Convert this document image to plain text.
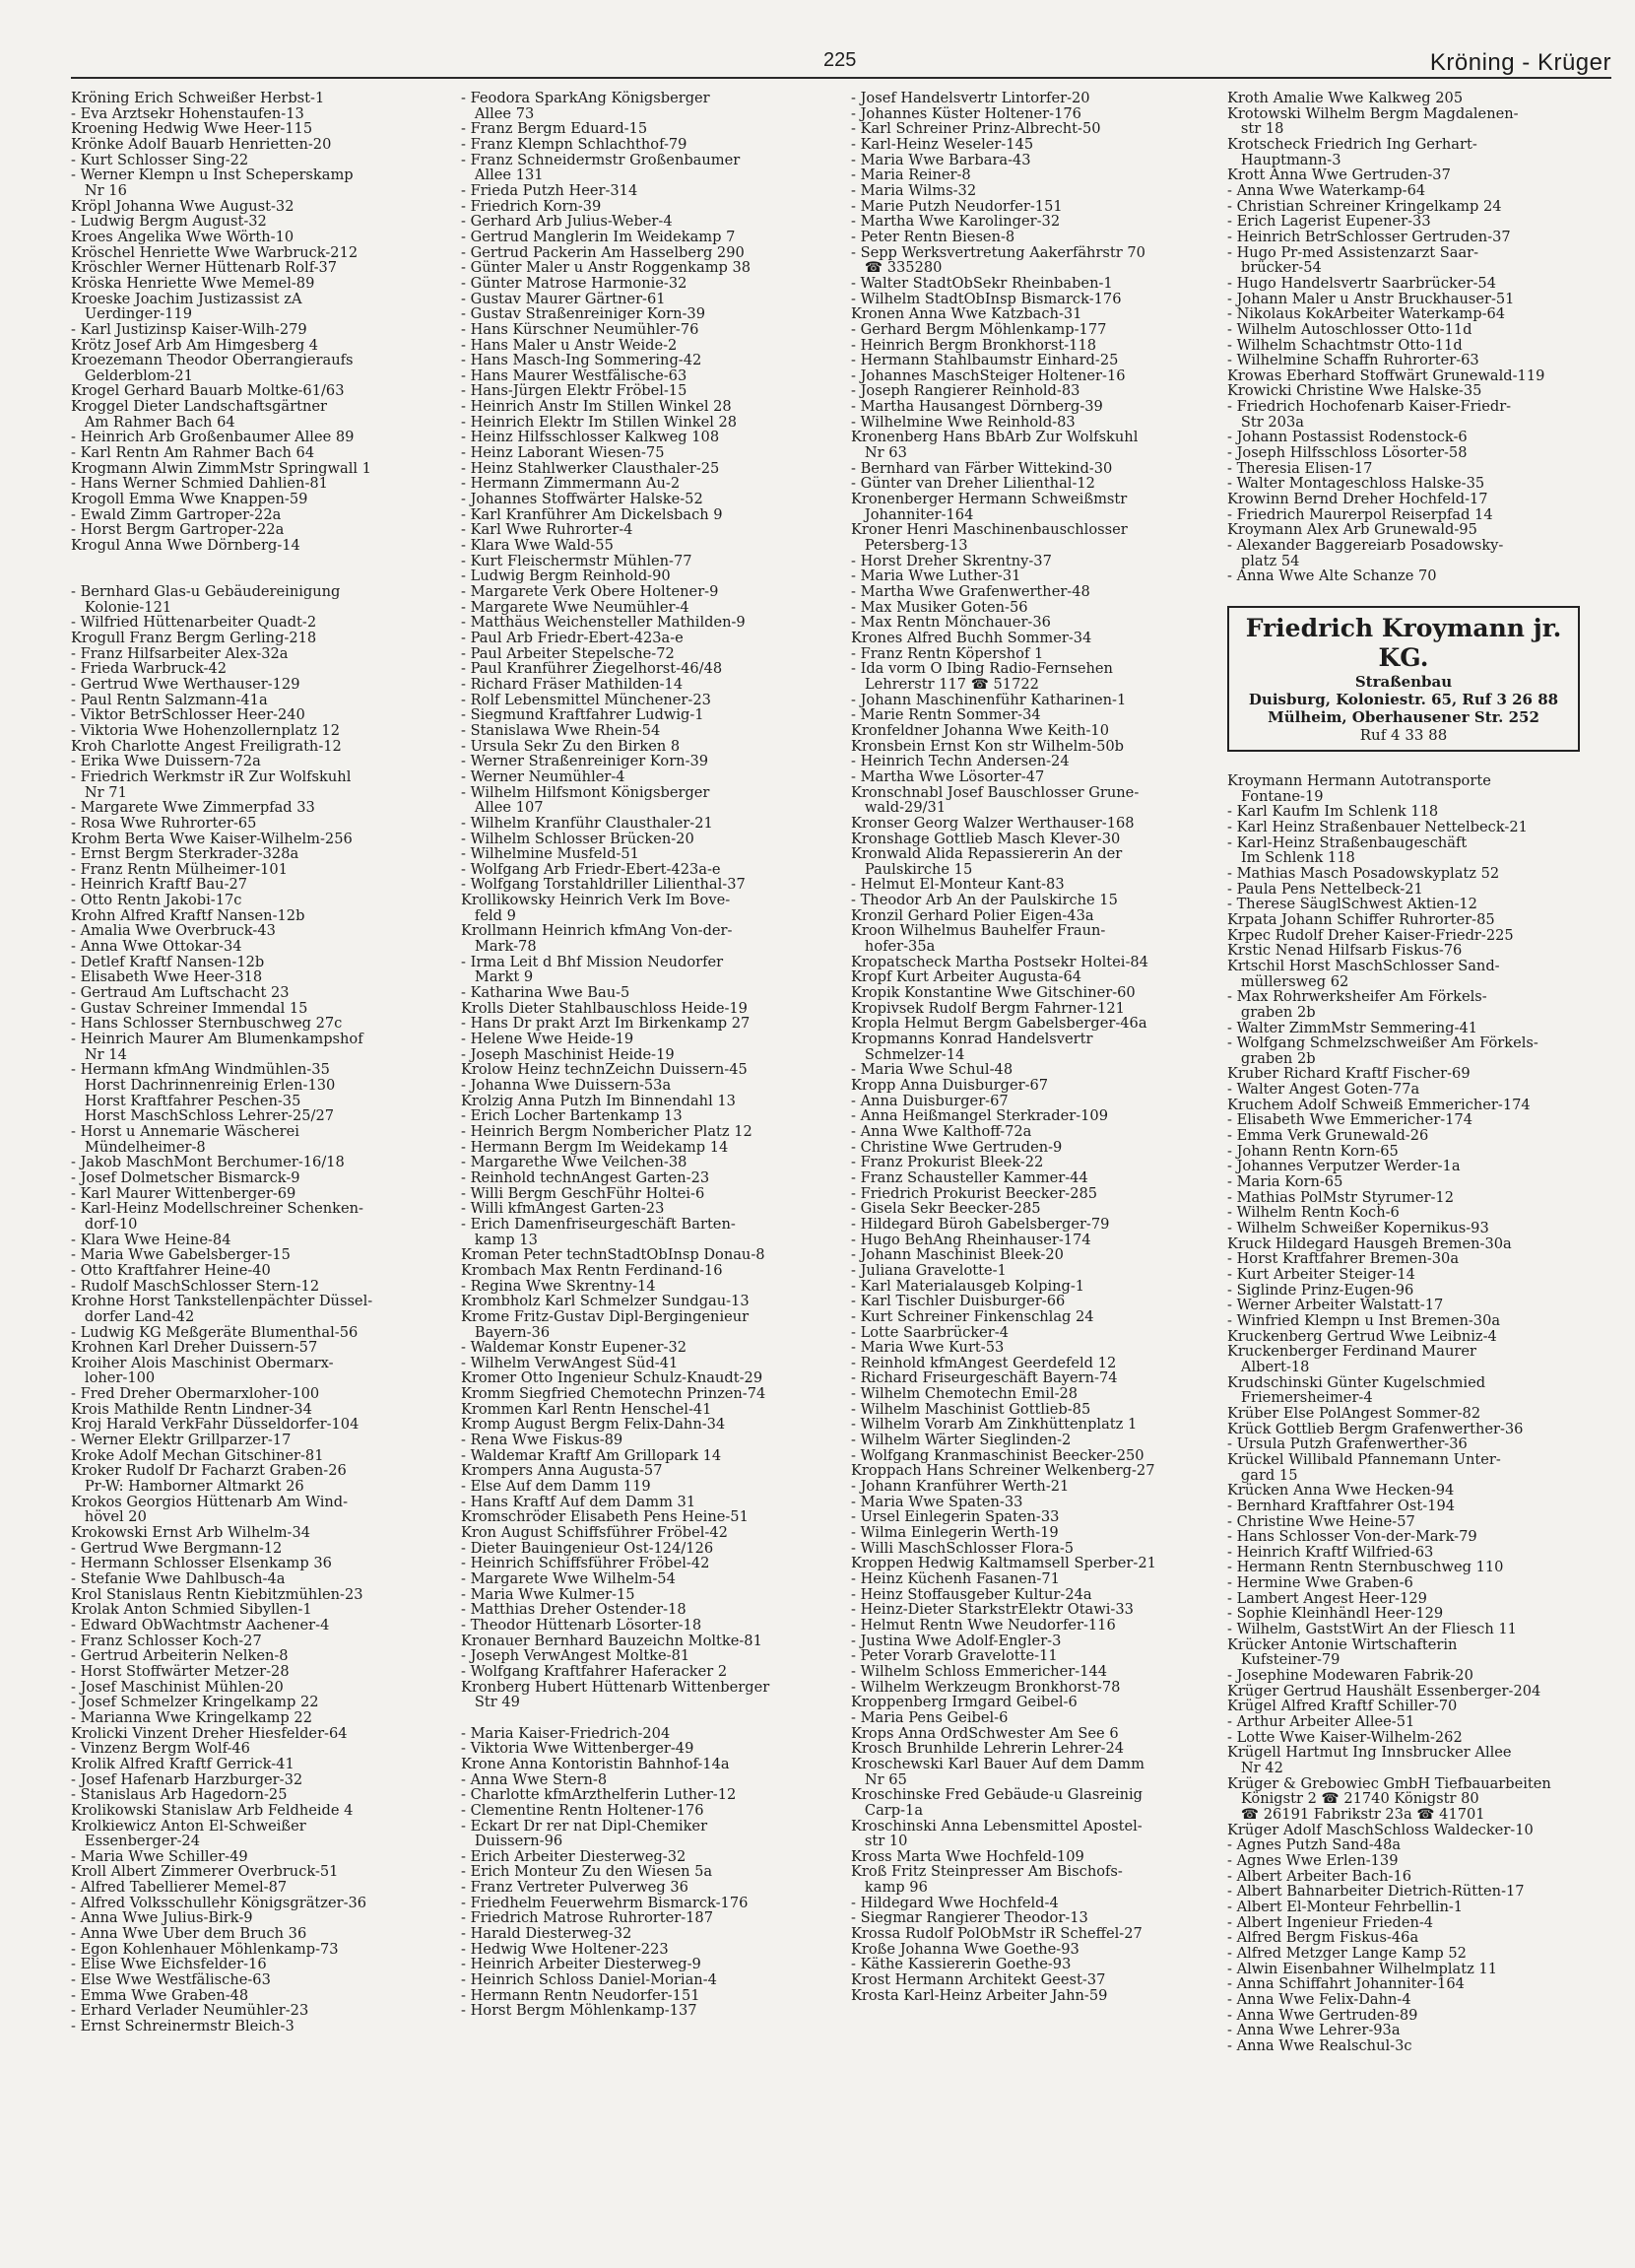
225	Kröning - Krüger
Kröning Erich Schweißer Herbst-1
- Eva Arztsekr Hohenstaufen-13
Kroening Hedwig Wwe Heer-115
Krönke Adolf Bauarb Henrietten-20
- Kurt Schlosser Sing-22
- Werner Klempn u Inst Scheperskamp
Nr 16
Kröpl Johanna Wwe August-32
- Ludwig Bergm August-32
Kroes Angelika Wwe Wörth-10
Kröschel Henriette Wwe Warbruck-212
Kröschler Werner Hüttenarb Rolf-37
Kröska Henriette Wwe Memel-89
Kroeske Joachim Justizassist zA
Uerdinger-119
- Karl Justizinsp Kaiser-Wilh-279
Krötz Josef Arb Am Himgesberg 4
Kroezemann Theodor Oberrangieraufs
Gelderblom-21
Krogel Gerhard Bauarb Moltke-61/63
Kroggel Dieter Landschaftsgärtner
Am Rahmer Bach 64
- Heinrich Arb Großenbaumer Allee 89
- Karl Rentn Am Rahmer Bach 64
Krogmann Alwin ZimmMstr Springwall 1
- Hans Werner Schmied Dahlien-81
Krogoll Emma Wwe Knappen-59
- Ewald Zimm Gartroper-22a
- Horst Bergm Gartroper-22a
Krogul Anna Wwe Dörnberg-14

- Bernhard Glas-u Gebäudereinigung
Kolonie-121
- Wilfried Hüttenarbeiter Quadt-2
Krogull Franz Bergm Gerling-218
- Franz Hilfsarbeiter Alex-32a
- Frieda Warbruck-42
- Gertrud Wwe Werthauser-129
- Paul Rentn Salzmann-41a
- Viktor BetrSchlosser Heer-240
- Viktoria Wwe Hohenzollernplatz 12
Kroh Charlotte Angest Freiligrath-12
- Erika Wwe Duissern-72a
- Friedrich Werkmstr iR Zur Wolfskuhl
Nr 71
- Margarete Wwe Zimmerpfad 33
- Rosa Wwe Ruhrorter-65
Krohm Berta Wwe Kaiser-Wilhelm-256
- Ernst Bergm Sterkrader-328a
- Franz Rentn Mülheimer-101
- Heinrich Kraftf Bau-27
- Otto Rentn Jakobi-17c
Krohn Alfred Kraftf Nansen-12b
- Amalia Wwe Overbruck-43
- Anna Wwe Ottokar-34
- Detlef Kraftf Nansen-12b
- Elisabeth Wwe Heer-318
- Gertraud Am Luftschacht 23
- Gustav Schreiner Immendal 15
- Hans Schlosser Sternbuschweg 27c
- Heinrich Maurer Am Blumenkampshof
Nr 14
- Hermann kfmAng Windmühlen-35
Horst Dachrinnenreinig Erlen-130
Horst Kraftfahrer Peschen-35
Horst MaschSchloss Lehrer-25/27
- Horst u Annemarie Wäscherei
Mündelheimer-8
- Jakob MaschMont Berchumer-16/18
- Josef Dolmetscher Bismarck-9
- Karl Maurer Wittenberger-69
- Karl-Heinz Modellschreiner Schenken-
dorf-10
- Klara Wwe Heine-84
- Maria Wwe Gabelsberger-15
- Otto Kraftfahrer Heine-40
- Rudolf MaschSchlosser Stern-12
Krohne Horst Tankstellenpächter Düssel-
dorfer Land-42
- Ludwig KG Meßgeräte Blumenthal-56
Krohnen Karl Dreher Duissern-57
Kroiher Alois Maschinist Obermarx-
loher-100
- Fred Dreher Obermarxloher-100
Krois Mathilde Rentn Lindner-34
Kroj Harald VerkFahr Düsseldorfer-104
- Werner Elektr Grillparzer-17
Kroke Adolf Mechan Gitschiner-81
Kroker Rudolf Dr Facharzt Graben-26
Pr-W: Hamborner Altmarkt 26
Krokos Georgios Hüttenarb Am Wind-
hövel 20
Krokowski Ernst Arb Wilhelm-34
- Gertrud Wwe Bergmann-12
- Hermann Schlosser Elsenkamp 36
- Stefanie Wwe Dahlbusch-4a
Krol Stanislaus Rentn Kiebitzmühlen-23
Krolak Anton Schmied Sibyllen-1
- Edward ObWachtmstr Aachener-4
- Franz Schlosser Koch-27
- Gertrud Arbeiterin Nelken-8
- Horst Stoffwärter Metzer-28
- Josef Maschinist Mühlen-20
- Josef Schmelzer Kringelkamp 22
- Marianna Wwe Kringelkamp 22
Krolicki Vinzent Dreher Hiesfelder-64
- Vinzenz Bergm Wolf-46
Krolik Alfred Kraftf Gerrick-41
- Josef Hafenarb Harzburger-32
- Stanislaus Arb Hagedorn-25
Krolikowski Stanislaw Arb Feldheide 4
Krolkiewicz Anton El-Schweißer
Essenberger-24
- Maria Wwe Schiller-49
Kroll Albert Zimmerer Overbruck-51
- Alfred Tabellierer Memel-87
- Alfred Volksschullehr Königsgrätzer-36
- Anna Wwe Julius-Birk-9
- Anna Wwe Über dem Bruch 36
- Egon Kohlenhauer Möhlenkamp-73
- Elise Wwe Eichsfelder-16
- Else Wwe Westfälische-63
- Emma Wwe Graben-48
- Erhard Verlader Neumühler-23
- Ernst Schreinermstr Bleich-3
- Feodora SparkAng Königsberger
Allee 73
- Franz Bergm Eduard-15
- Franz Klempn Schlachthof-79
- Franz Schneidermstr Großenbaumer
Allee 131
- Frieda Putzh Heer-314
- Friedrich Korn-39
- Gerhard Arb Julius-Weber-4
- Gertrud Manglerin Im Weidekamp 7
- Gertrud Packerin Am Hasselberg 290
- Günter Maler u Anstr Roggenkamp 38
- Günter Matrose Harmonie-32
- Gustav Maurer Gärtner-61
- Gustav Straßenreiniger Korn-39
- Hans Kürschner Neumühler-76
- Hans Maler u Anstr Weide-2
- Hans Masch-Ing Sommering-42
- Hans Maurer Westfälische-63
- Hans-Jürgen Elektr Fröbel-15
- Heinrich Anstr Im Stillen Winkel 28
- Heinrich Elektr Im Stillen Winkel 28
- Heinz Hilfsschlosser Kalkweg 108
- Heinz Laborant Wiesen-75
- Heinz Stahlwerker Clausthaler-25
- Hermann Zimmermann Au-2
- Johannes Stoffwärter Halske-52
- Karl Kranführer Am Dickelsbach 9
- Karl Wwe Ruhrorter-4
- Klara Wwe Wald-55
- Kurt Fleischermstr Mühlen-77
- Ludwig Bergm Reinhold-90
- Margarete Verk Obere Holtener-9
- Margarete Wwe Neumühler-4
- Matthäus Weichensteller Mathilden-9
- Paul Arb Friedr-Ebert-423a-e
- Paul Arbeiter Stepelsche-72
- Paul Kranführer Ziegelhorst-46/48
- Richard Fräser Mathilden-14
- Rolf Lebensmittel Münchener-23
- Siegmund Kraftfahrer Ludwig-1
- Stanislawa Wwe Rhein-54
- Ursula Sekr Zu den Birken 8
- Werner Straßenreiniger Korn-39
- Werner Neumühler-4
- Wilhelm Hilfsmont Königsberger
Allee 107
- Wilhelm Kranführ Clausthaler-21
- Wilhelm Schlosser Brücken-20
- Wilhelmine Musfeld-51
- Wolfgang Arb Friedr-Ebert-423a-e
- Wolfgang Torstahldriller Lilienthal-37
Krollikowsky Heinrich Verk Im Bove-
feld 9
Krollmann Heinrich kfmAng Von-der-
Mark-78
- Irma Leit d Bhf Mission Neudorfer
Markt 9
- Katharina Wwe Bau-5
Krolls Dieter Stahlbauschloss Heide-19
- Hans Dr prakt Arzt Im Birkenkamp 27
- Helene Wwe Heide-19
- Joseph Maschinist Heide-19
Krolow Heinz technZeichn Duissern-45
- Johanna Wwe Duissern-53a
Krolzig Anna Putzh Im Binnendahl 13
- Erich Locher Bartenkamp 13
- Heinrich Bergm Nombericher Platz 12
- Hermann Bergm Im Weidekamp 14
- Margarethe Wwe Veilchen-38
- Reinhold technAngest Garten-23
- Willi Bergm GeschFühr Holtei-6
- Willi kfmAngest Garten-23
- Erich Damenfriseurgeschäft Barten-
kamp 13
Kroman Peter technStadtObInsp Donau-8
Krombach Max Rentn Ferdinand-16
- Regina Wwe Skrentny-14
Krombholz Karl Schmelzer Sundgau-13
Krome Fritz-Gustav Dipl-Bergingenieur
Bayern-36
- Waldemar Konstr Eupener-32
- Wilhelm VerwAngest Süd-41
Kromer Otto Ingenieur Schulz-Knaudt-29
Kromm Siegfried Chemotechn Prinzen-74
Krommen Karl Rentn Henschel-41
Kromp August Bergm Felix-Dahn-34
- Rena Wwe Fiskus-89
- Waldemar Kraftf Am Grillopark 14
Krompers Anna Augusta-57
- Else Auf dem Damm 119
- Hans Kraftf Auf dem Damm 31
Kromschröder Elisabeth Pens Heine-51
Kron August Schiffsführer Fröbel-42
- Dieter Bauingenieur Ost-124/126
- Heinrich Schiffsführer Fröbel-42
- Margarete Wwe Wilhelm-54
- Maria Wwe Kulmer-15
- Matthias Dreher Ostender-18
- Theodor Hüttenarb Lösorter-18
Kronauer Bernhard Bauzeichn Moltke-81
- Joseph VerwAngest Moltke-81
- Wolfgang Kraftfahrer Haferacker 2
Kronberg Hubert Hüttenarb Wittenberger
Str 49

- Maria Kaiser-Friedrich-204
- Viktoria Wwe Wittenberger-49
Krone Anna Kontoristin Bahnhof-14a
- Anna Wwe Stern-8
- Charlotte kfmArzthelferin Luther-12
- Clementine Rentn Holtener-176
- Eckart Dr rer nat Dipl-Chemiker
Duissern-96
- Erich Arbeiter Diesterweg-32
- Erich Monteur Zu den Wiesen 5a
- Franz Vertreter Pulverweg 36
- Friedhelm Feuerwehrm Bismarck-176
- Friedrich Matrose Ruhrorter-187
- Harald Diesterweg-32
- Hedwig Wwe Holtener-223
- Heinrich Arbeiter Diesterweg-9
- Heinrich Schloss Daniel-Morian-4
- Hermann Rentn Neudorfer-151
- Horst Bergm Möhlenkamp-137
- Josef Handelsvertr Lintorfer-20
- Johannes Küster Holtener-176
- Karl Schreiner Prinz-Albrecht-50
- Karl-Heinz Weseler-145
- Maria Wwe Barbara-43
- Maria Reiner-8
- Maria Wilms-32
- Marie Putzh Neudorfer-151
- Martha Wwe Karolinger-32
- Peter Rentn Biesen-8
- Sepp Werksvertretung Aakerfährstr 70
☎ 335280
- Walter StadtObSekr Rheinbaben-1
- Wilhelm StadtObInsp Bismarck-176
Kronen Anna Wwe Katzbach-31
- Gerhard Bergm Möhlenkamp-177
- Heinrich Bergm Bronkhorst-118
- Hermann Stahlbaumstr Einhard-25
- Johannes MaschSteiger Holtener-16
- Joseph Rangierer Reinhold-83
- Martha Hausangest Dörnberg-39
- Wilhelmine Wwe Reinhold-83
Kronenberg Hans BbArb Zur Wolfskuhl
Nr 63
- Bernhard van Färber Wittekind-30
- Günter van Dreher Lilienthal-12
Kronenberger Hermann Schweißmstr
Johanniter-164
Kroner Henri Maschinenbauschlosser
Petersberg-13
- Horst Dreher Skrentny-37
- Maria Wwe Luther-31
- Martha Wwe Grafenwerther-48
- Max Musiker Goten-56
- Max Rentn Mönchauer-36
Krones Alfred Buchh Sommer-34
- Franz Rentn Köpershof 1
- Ida vorm O Ibing Radio-Fernsehen
Lehrerstr 117 ☎ 51722
- Johann Maschinenführ Katharinen-1
- Marie Rentn Sommer-34
Kronfeldner Johanna Wwe Keith-10
Kronsbein Ernst Kon str Wilhelm-50b
- Heinrich Techn Andersen-24
- Martha Wwe Lösorter-47
Kronschnabl Josef Bauschlosser Grune-
wald-29/31
Kronser Georg Walzer Werthauser-168
Kronshage Gottlieb Masch Klever-30
Kronwald Alida Repassiererin An der
Paulskirche 15
- Helmut El-Monteur Kant-83
- Theodor Arb An der Paulskirche 15
Kronzil Gerhard Polier Eigen-43a
Kroon Wilhelmus Bauhelfer Fraun-
hofer-35a
Kropatscheck Martha Postsekr Holtei-84
Kropf Kurt Arbeiter Augusta-64
Kropik Konstantine Wwe Gitschiner-60
Kropivsek Rudolf Bergm Fahrner-121
Kropla Helmut Bergm Gabelsberger-46a
Kropmanns Konrad Handelsvertr
Schmelzer-14
- Maria Wwe Schul-48
Kropp Anna Duisburger-67
- Anna Duisburger-67
- Anna Heißmangel Sterkrader-109
- Anna Wwe Kalthoff-72a
- Christine Wwe Gertruden-9
- Franz Prokurist Bleek-22
- Franz Schausteller Kammer-44
- Friedrich Prokurist Beecker-285
- Gisela Sekr Beecker-285
- Hildegard Büroh Gabelsberger-79
- Hugo BehAng Rheinhauser-174
- Johann Maschinist Bleek-20
- Juliana Gravelotte-1
- Karl Materialausgeb Kolping-1
- Karl Tischler Duisburger-66
- Kurt Schreiner Finkenschlag 24
- Lotte Saarbrücker-4
- Maria Wwe Kurt-53
- Reinhold kfmAngest Geerdefeld 12
- Richard Friseurgeschäft Bayern-74
- Wilhelm Chemotechn Emil-28
- Wilhelm Maschinist Gottlieb-85
- Wilhelm Vorarb Am Zinkhüttenplatz 1
- Wilhelm Wärter Sieglinden-2
- Wolfgang Kranmaschinist Beecker-250
Kroppach Hans Schreiner Welkenberg-27
- Johann Kranführer Werth-21
- Maria Wwe Spaten-33
- Ursel Einlegerin Spaten-33
- Wilma Einlegerin Werth-19
- Willi MaschSchlosser Flora-5
Kroppen Hedwig Kaltmamsell Sperber-21
- Heinz Küchenh Fasanen-71
- Heinz Stoffausgeber Kultur-24a
- Heinz-Dieter StarkstrElektr Otawi-33
- Helmut Rentn Wwe Neudorfer-116
- Justina Wwe Adolf-Engler-3
- Peter Vorarb Gravelotte-11
- Wilhelm Schloss Emmericher-144
- Wilhelm Werkzeugm Bronkhorst-78
Kroppenberg Irmgard Geibel-6
- Maria Pens Geibel-6
Krops Anna OrdSchwester Am See 6
Krosch Brunhilde Lehrerin Lehrer-24
Kroschewski Karl Bauer Auf dem Damm
Nr 65
Kroschinske Fred Gebäude-u Glasreinig
Carp-1a
Kroschinski Anna Lebensmittel Apostel-
str 10
Kross Marta Wwe Hochfeld-109
Kroß Fritz Steinpresser Am Bischofs-
kamp 96
- Hildegard Wwe Hochfeld-4
- Siegmar Rangierer Theodor-13
Krossa Rudolf PolObMstr iR Scheffel-27
Kroße Johanna Wwe Goethe-93
- Käthe Kassiererin Goethe-93
Krost Hermann Architekt Geest-37
Krosta Karl-Heinz Arbeiter Jahn-59
Kroth Amalie Wwe Kalkweg 205
Krotowski Wilhelm Bergm Magdalenen-
str 18
Krotscheck Friedrich Ing Gerhart-
Hauptmann-3
Krott Anna Wwe Gertruden-37
- Anna Wwe Waterkamp-64
- Christian Schreiner Kringelkamp 24
- Erich Lagerist Eupener-33
- Heinrich BetrSchlosser Gertruden-37
- Hugo Pr-med Assistenzarzt Saar-
brücker-54
- Hugo Handelsvertr Saarbrücker-54
- Johann Maler u Anstr Bruckhauser-51
- Nikolaus KokArbeiter Waterkamp-64
- Wilhelm Autoschlosser Otto-11d
- Wilhelm Schachtmstr Otto-11d
- Wilhelmine Schaffn Ruhrorter-63
Krowas Eberhard Stoffwärt Grunewald-119
Krowicki Christine Wwe Halske-35
- Friedrich Hochofenarb Kaiser-Friedr-
Str 203a
- Johann Postassist Rodenstock-6
- Joseph Hilfsschloss Lösorter-58
- Theresia Elisen-17
- Walter Montageschloss Halske-35
Krowinn Bernd Dreher Hochfeld-17
- Friedrich Maurerpol Reiserpfad 14
Kroymann Alex Arb Grunewald-95
- Alexander Baggereiarb Posadowsky-
platz 54
- Anna Wwe Alte Schanze 70
Friedrich Kroymann jr. KG.
Straßenbau
Duisburg, Koloniestr. 65, Ruf 3 26 88
Mülheim, Oberhausener Str. 252
Ruf 4 33 88
Kroymann Hermann Autotransporte
Fontane-19
- Karl Kaufm Im Schlenk 118
- Karl Heinz Straßenbauer Nettelbeck-21
- Karl-Heinz Straßenbaugeschäft
Im Schlenk 118
- Mathias Masch Posadowskyplatz 52
- Paula Pens Nettelbeck-21
- Therese SäuglSchwest Aktien-12
Krpata Johann Schiffer Ruhrorter-85
Krpec Rudolf Dreher Kaiser-Friedr-225
Krstic Nenad Hilfsarb Fiskus-76
Krtschil Horst MaschSchlosser Sand-
müllersweg 62
- Max Rohrwerksheifer Am Förkels-
graben 2b
- Walter ZimmMstr Semmering-41
- Wolfgang Schmelzschweißer Am Förkels-
graben 2b
Kruber Richard Kraftf Fischer-69
- Walter Angest Goten-77a
Kruchem Adolf Schweiß Emmericher-174
- Elisabeth Wwe Emmericher-174
- Emma Verk Grunewald-26
- Johann Rentn Korn-65
- Johannes Verputzer Werder-1a
- Maria Korn-65
- Mathias PolMstr Styrumer-12
- Wilhelm Rentn Koch-6
- Wilhelm Schweißer Kopernikus-93
Kruck Hildegard Hausgeh Bremen-30a
- Horst Kraftfahrer Bremen-30a
- Kurt Arbeiter Steiger-14
- Siglinde Prinz-Eugen-96
- Werner Arbeiter Walstatt-17
- Winfried Klempn u Inst Bremen-30a
Kruckenberg Gertrud Wwe Leibniz-4
Kruckenberger Ferdinand Maurer
Albert-18
Krudschinski Günter Kugelschmied
Friemersheimer-4
Krüber Else PolAngest Sommer-82
Krück Gottlieb Bergm Grafenwerther-36
- Ursula Putzh Grafenwerther-36
Krückel Willibald Pfannemann Unter-
gard 15
Krücken Anna Wwe Hecken-94
- Bernhard Kraftfahrer Ost-194
- Christine Wwe Heine-57
- Hans Schlosser Von-der-Mark-79
- Heinrich Kraftf Wilfried-63
- Hermann Rentn Sternbuschweg 110
- Hermine Wwe Graben-6
- Lambert Angest Heer-129
- Sophie Kleinhändl Heer-129
- Wilhelm, GaststWirt An der Fliesch 11
Krücker Antonie Wirtschafterin
Kufsteiner-79
- Josephine Modewaren Fabrik-20
Krüger Gertrud Haushält Essenberger-204
Krügel Alfred Kraftf Schiller-70
- Arthur Arbeiter Allee-51
- Lotte Wwe Kaiser-Wilhelm-262
Krügell Hartmut Ing Innsbrucker Allee
Nr 42
Krüger & Grebowiec GmbH Tiefbauarbeiten
Königstr 2 ☎ 21740 Königstr 80
☎ 26191 Fabrikstr 23a ☎ 41701
Krüger Adolf MaschSchloss Waldecker-10
- Agnes Putzh Sand-48a
- Agnes Wwe Erlen-139
- Albert Arbeiter Bach-16
- Albert Bahnarbeiter Dietrich-Rütten-17
- Albert El-Monteur Fehrbellin-1
- Albert Ingenieur Frieden-4
- Alfred Bergm Fiskus-46a
- Alfred Metzger Lange Kamp 52
- Alwin Eisenbahner Wilhelmplatz 11
- Anna Schiffahrt Johanniter-164
- Anna Wwe Felix-Dahn-4
- Anna Wwe Gertruden-89
- Anna Wwe Lehrer-93a
- Anna Wwe Realschul-3c
